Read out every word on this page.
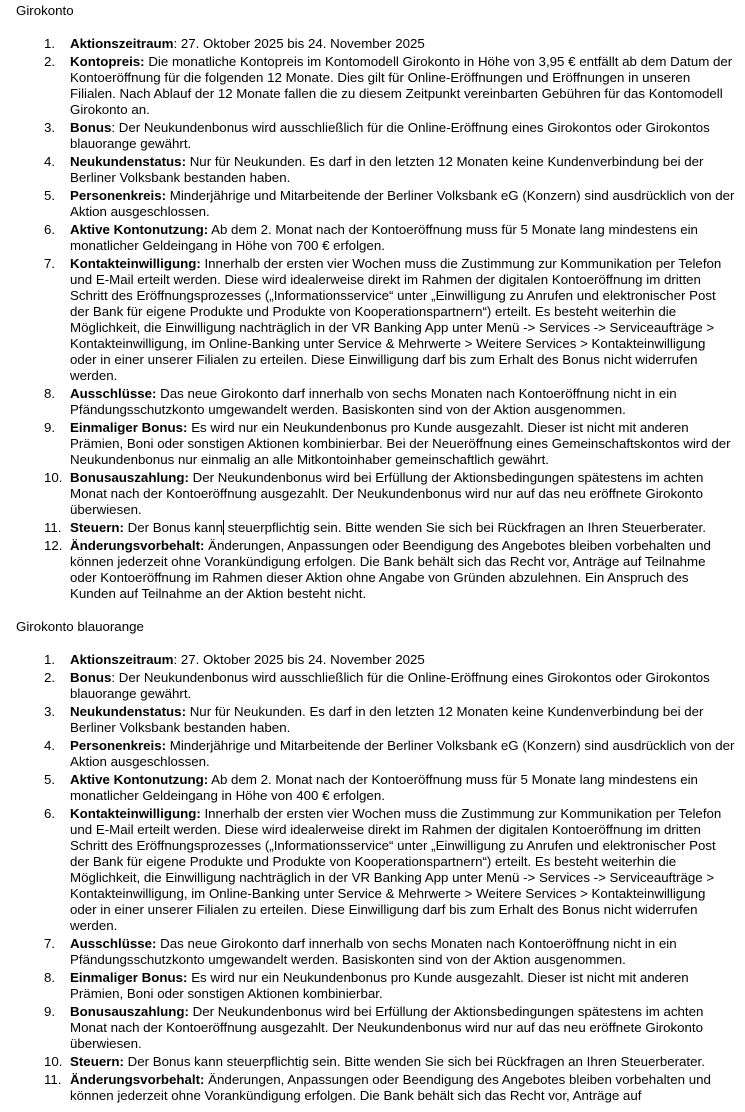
Girokonto
1. Aktionszeitraum: 27. Oktober 2025 bis 24. November 2025
2. Kontopreis: Die monatliche Kontopreis im Kontomodell Girokonto in Höhe von 3,95 € entfällt ab dem Datum der Kontoeröffnung für die folgenden 12 Monate. Dies gilt für Online-Eröffnungen und Eröffnungen in unseren Filialen. Nach Ablauf der 12 Monate fallen die zu diesem Zeitpunkt vereinbarten Gebühren für das Kontomodell Girokonto an.
3. Bonus: Der Neukundenbonus wird ausschließlich für die Online-Eröffnung eines Girokontos oder Girokontos blauorange gewährt.
4. Neukundenstatus: Nur für Neukunden. Es darf in den letzten 12 Monaten keine Kundenverbindung bei der Berliner Volksbank bestanden haben.
5. Personenkreis: Minderjährige und Mitarbeitende der Berliner Volksbank eG (Konzern) sind ausdrücklich von der Aktion ausgeschlossen.
6. Aktive Kontonutzung: Ab dem 2. Monat nach der Kontoeröffnung muss für 5 Monate lang mindestens ein monatlicher Geldeingang in Höhe von 700 € erfolgen.
7. Kontakteinwilligung: Innerhalb der ersten vier Wochen muss die Zustimmung zur Kommunikation per Telefon und E-Mail erteilt werden. Diese wird idealerweise direkt im Rahmen der digitalen Kontoeröffnung im dritten Schritt des Eröffnungsprozesses („Informationsservice“ unter „Einwilligung zu Anrufen und elektronischer Post der Bank für eigene Produkte und Produkte von Kooperationspartnern“) erteilt. Es besteht weiterhin die Möglichkeit, die Einwilligung nachträglich in der VR Banking App unter Menü -> Services -> Serviceaufträge > Kontakteinwilligung, im Online-Banking unter Service & Mehrwerte > Weitere Services > Kontakteinwilligung oder in einer unserer Filialen zu erteilen. Diese Einwilligung darf bis zum Erhalt des Bonus nicht widerrufen werden.
8. Ausschlüsse: Das neue Girokonto darf innerhalb von sechs Monaten nach Kontoeröffnung nicht in ein Pfändungsschutzkonto umgewandelt werden. Basiskonten sind von der Aktion ausgenommen.
9. Einmaliger Bonus: Es wird nur ein Neukundenbonus pro Kunde ausgezahlt. Dieser ist nicht mit anderen Prämien, Boni oder sonstigen Aktionen kombinierbar. Bei der Neueröffnung eines Gemeinschaftskontos wird der Neukundenbonus nur einmalig an alle Mitkontoinhaber gemeinschaftlich gewährt.
10. Bonusauszahlung: Der Neukundenbonus wird bei Erfüllung der Aktionsbedingungen spätestens im achten Monat nach der Kontoeröffnung ausgezahlt. Der Neukundenbonus wird nur auf das neu eröffnete Girokonto überwiesen.
11. Steuern: Der Bonus kann steuerpflichtig sein. Bitte wenden Sie sich bei Rückfragen an Ihren Steuerberater.
12. Änderungsvorbehalt: Änderungen, Anpassungen oder Beendigung des Angebotes bleiben vorbehalten und können jederzeit ohne Vorankündigung erfolgen. Die Bank behält sich das Recht vor, Anträge auf Teilnahme oder Kontoeröffnung im Rahmen dieser Aktion ohne Angabe von Gründen abzulehnen. Ein Anspruch des Kunden auf Teilnahme an der Aktion besteht nicht.
Girokonto blauorange
1. Aktionszeitraum: 27. Oktober 2025 bis 24. November 2025
2. Bonus: Der Neukundenbonus wird ausschließlich für die Online-Eröffnung eines Girokontos oder Girokontos blauorange gewährt.
3. Neukundenstatus: Nur für Neukunden. Es darf in den letzten 12 Monaten keine Kundenverbindung bei der Berliner Volksbank bestanden haben.
4. Personenkreis: Minderjährige und Mitarbeitende der Berliner Volksbank eG (Konzern) sind ausdrücklich von der Aktion ausgeschlossen.
5. Aktive Kontonutzung: Ab dem 2. Monat nach der Kontoeröffnung muss für 5 Monate lang mindestens ein monatlicher Geldeingang in Höhe von 400 € erfolgen.
6. Kontakteinwilligung: Innerhalb der ersten vier Wochen muss die Zustimmung zur Kommunikation per Telefon und E-Mail erteilt werden. Diese wird idealerweise direkt im Rahmen der digitalen Kontoeröffnung im dritten Schritt des Eröffnungsprozesses („Informationsservice“ unter „Einwilligung zu Anrufen und elektronischer Post der Bank für eigene Produkte und Produkte von Kooperationspartnern“) erteilt. Es besteht weiterhin die Möglichkeit, die Einwilligung nachträglich in der VR Banking App unter Menü -> Services -> Serviceaufträge > Kontakteinwilligung, im Online-Banking unter Service & Mehrwerte > Weitere Services > Kontakteinwilligung oder in einer unserer Filialen zu erteilen. Diese Einwilligung darf bis zum Erhalt des Bonus nicht widerrufen werden.
7. Ausschlüsse: Das neue Girokonto darf innerhalb von sechs Monaten nach Kontoeröffnung nicht in ein Pfändungsschutzkonto umgewandelt werden. Basiskonten sind von der Aktion ausgenommen.
8. Einmaliger Bonus: Es wird nur ein Neukundenbonus pro Kunde ausgezahlt. Dieser ist nicht mit anderen Prämien, Boni oder sonstigen Aktionen kombinierbar.
9. Bonusauszahlung: Der Neukundenbonus wird bei Erfüllung der Aktionsbedingungen spätestens im achten Monat nach der Kontoeröffnung ausgezahlt. Der Neukundenbonus wird nur auf das neu eröffnete Girokonto überwiesen.
10. Steuern: Der Bonus kann steuerpflichtig sein. Bitte wenden Sie sich bei Rückfragen an Ihren Steuerberater.
11. Änderungsvorbehalt: Änderungen, Anpassungen oder Beendigung des Angebotes bleiben vorbehalten und können jederzeit ohne Vorankündigung erfolgen. Die Bank behält sich das Recht vor, Anträge auf
